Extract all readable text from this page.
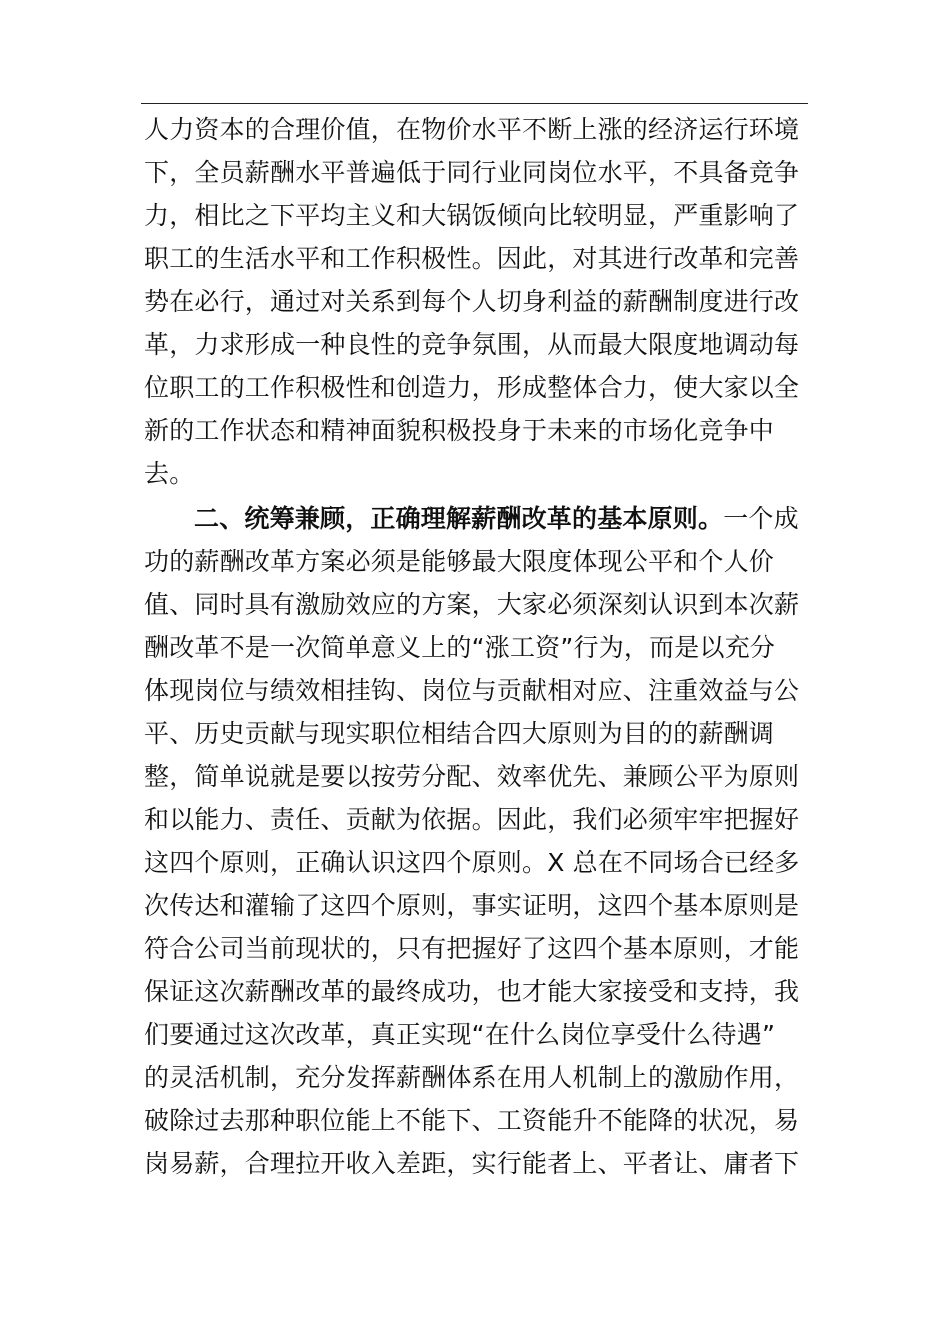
人力资本的合理价值，在物价水平不断上涨的经济运行环境
下，全员薪酬水平普遍低于同行业同岗位水平，不具备竞争
力，相比之下平均主义和大锅饭倾向比较明显，严重影响了
职工的生活水平和工作积极性。因此，对其进行改革和完善
势在必行，通过对关系到每个人切身利益的薪酬制度进行改
革，力求形成一种良性的竞争氛围，从而最大限度地调动每
位职工的工作积极性和创造力，形成整体合力，使大家以全
新的工作状态和精神面貌积极投身于未来的市场化竞争中
去。
二、统筹兼顾，正确理解薪酬改革的基本原则。一个成
功的薪酬改革方案必须是能够最大限度体现公平和个人价
值、同时具有激励效应的方案，大家必须深刻认识到本次薪
酬改革不是一次简单意义上的“涨工资”行为，而是以充分
体现岗位与绩效相挂钩、岗位与贡献相对应、注重效益与公
平、历史贡献与现实职位相结合四大原则为目的的薪酬调
整，简单说就是要以按劳分配、效率优先、兼顾公平为原则
和以能力、责任、贡献为依据。因此，我们必须牢牢把握好
这四个原则，正确认识这四个原则。X 总在不同场合已经多
次传达和灌输了这四个原则，事实证明，这四个基本原则是
符合公司当前现状的，只有把握好了这四个基本原则，才能
保证这次薪酬改革的最终成功，也才能大家接受和支持，我
们要通过这次改革，真正实现“在什么岗位享受什么待遇”
的灵活机制，充分发挥薪酬体系在用人机制上的激励作用，
破除过去那种职位能上不能下、工资能升不能降的状况，易
岗易薪，合理拉开收入差距，实行能者上、平者让、庸者下
